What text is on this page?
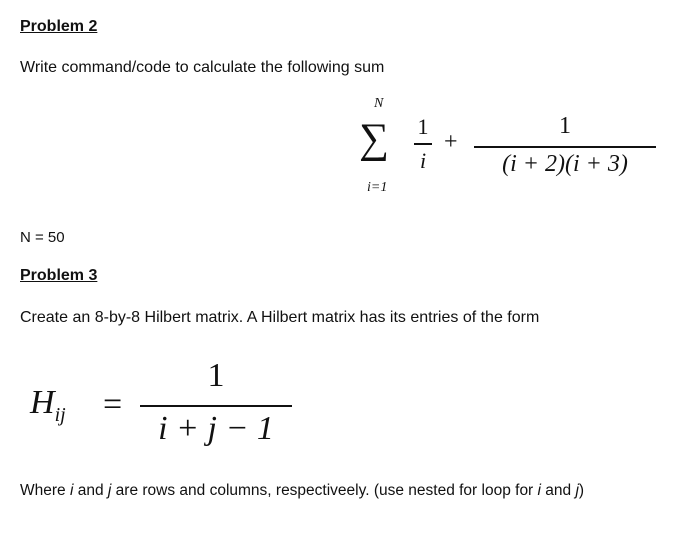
Problem 2
Write command/code to calculate the following sum
N
∑
i=1
1
i
+
1
(i + 2)(i + 3)
N = 50
Problem 3
Create an 8-by-8 Hilbert matrix. A Hilbert matrix has its entries of the form
$H_{ij}$ =
1
i + j − 1
Where i and j are rows and columns, respectiveely. (use nested for loop for i and j)
